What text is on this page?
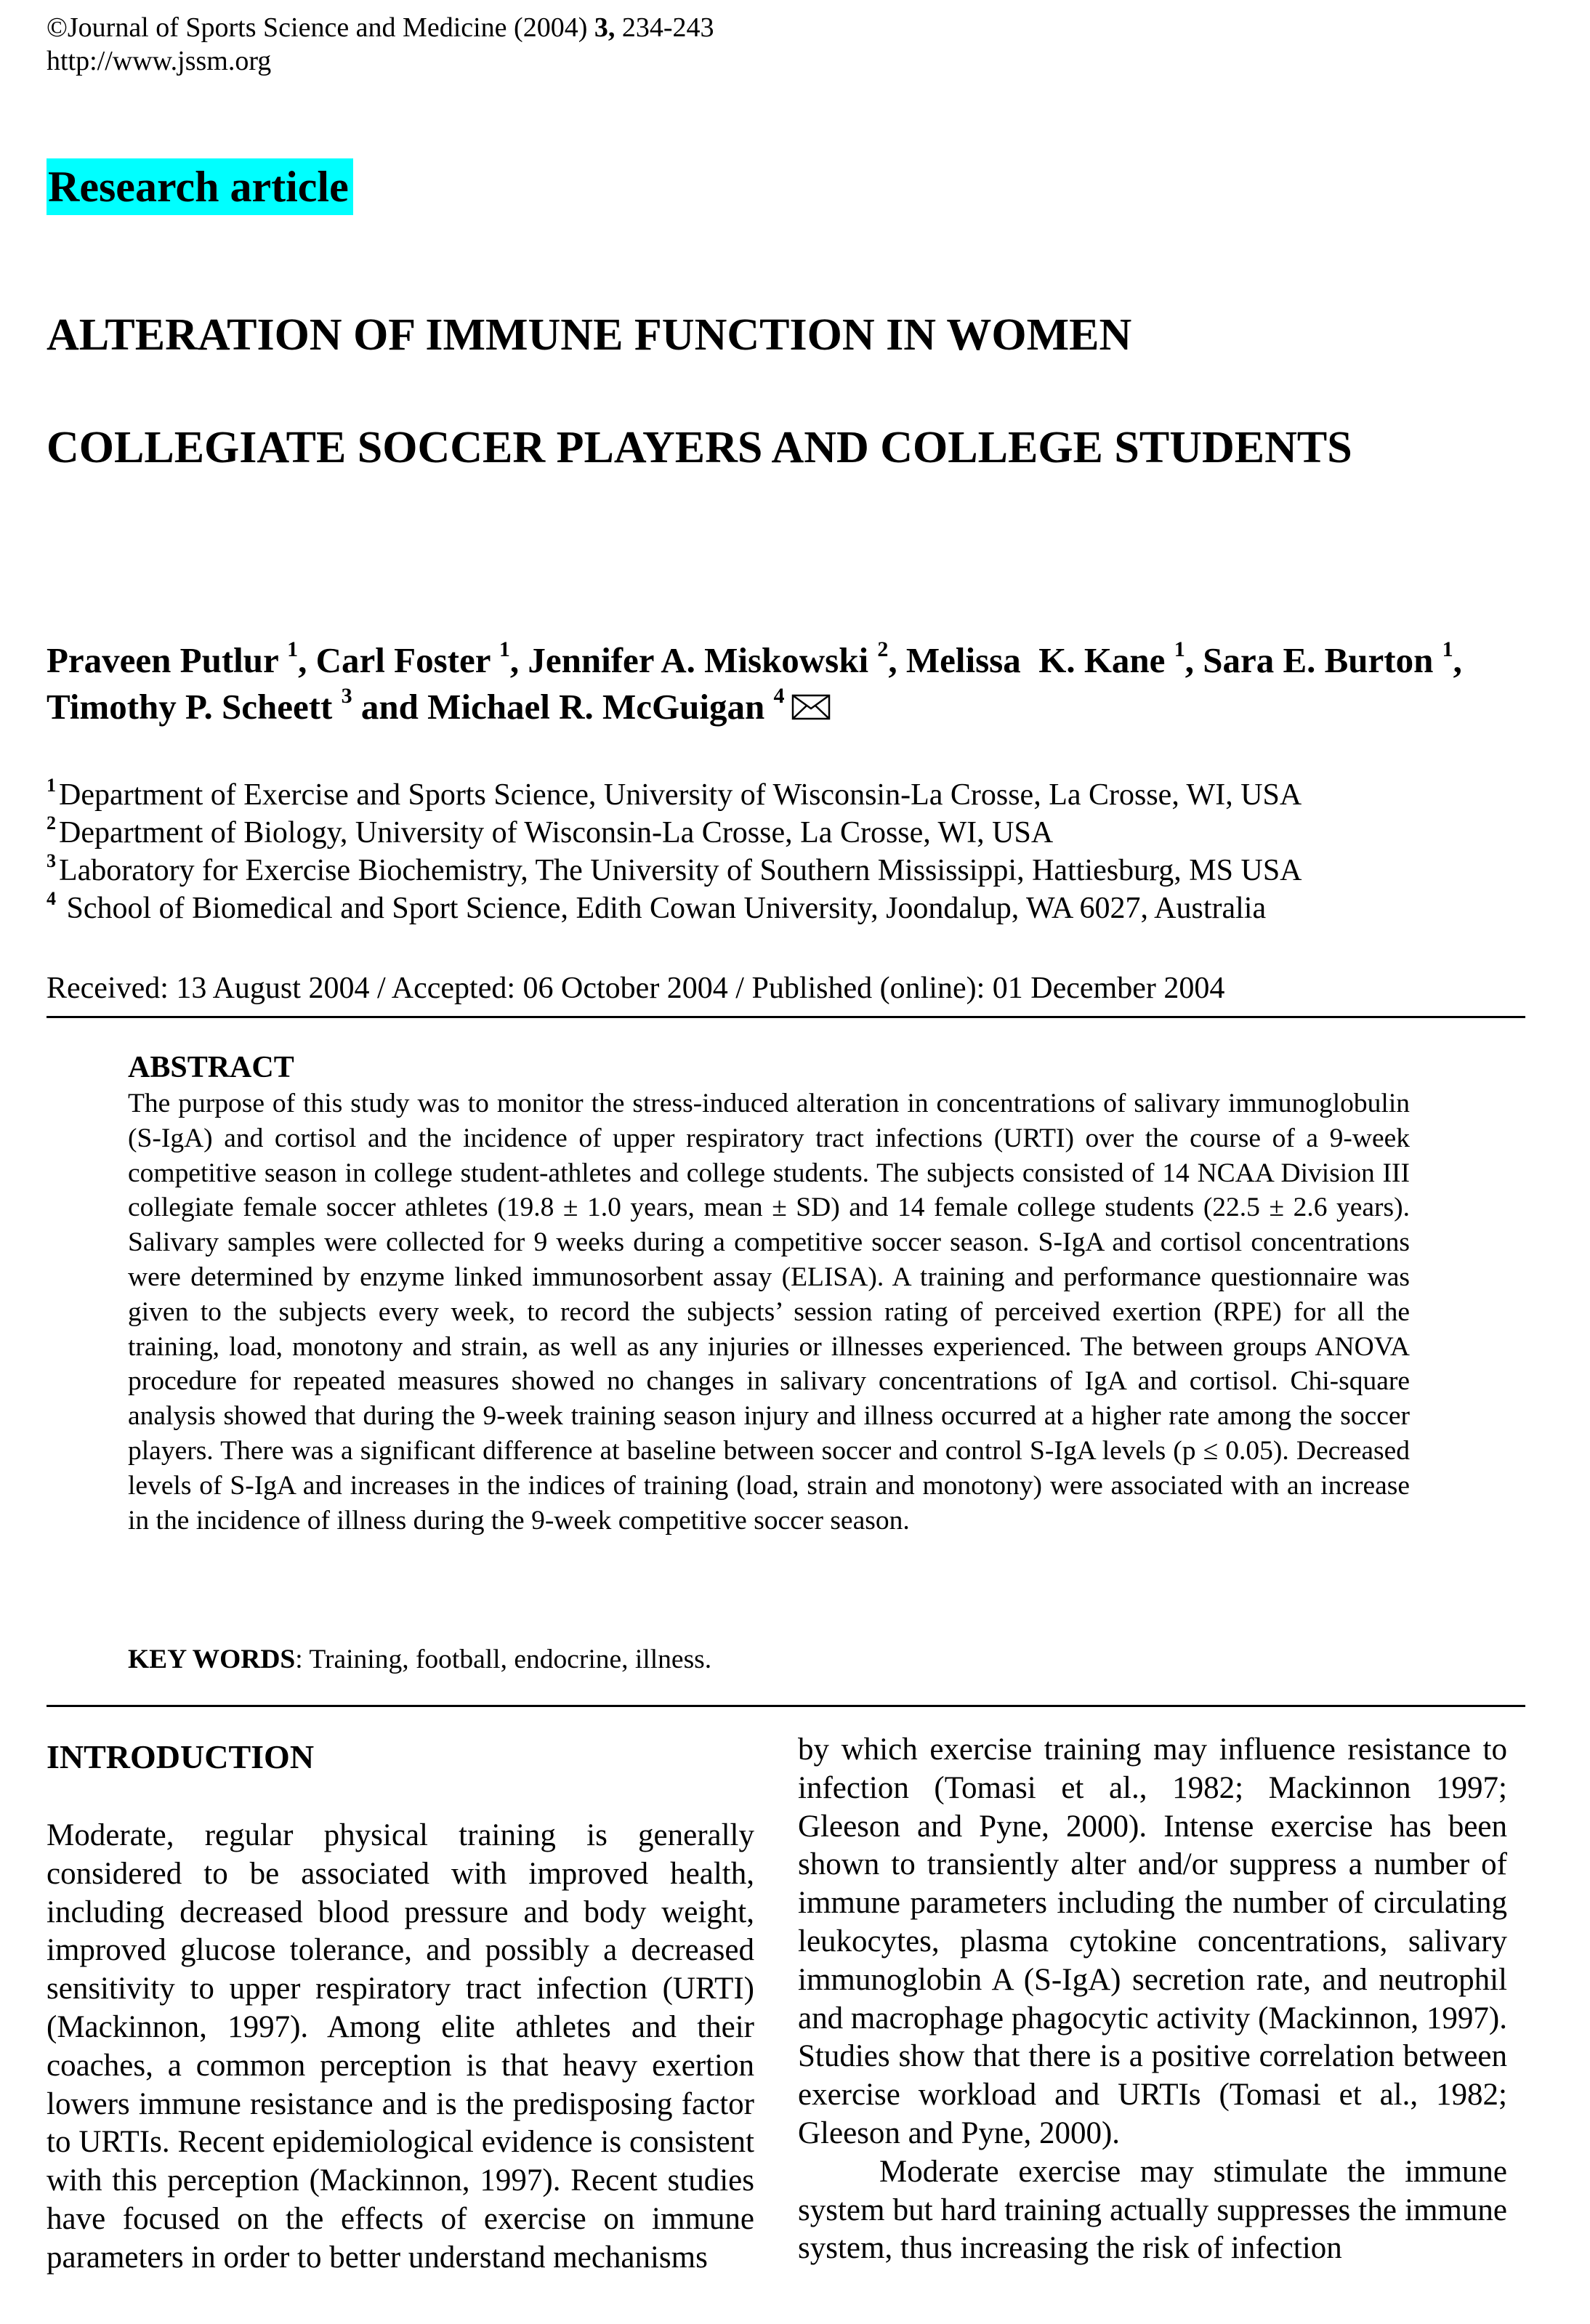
©Journal of Sports Science and Medicine (2004) 3, 234-243
http://www.jssm.org
Research article
ALTERATION OF IMMUNE FUNCTION IN WOMEN
COLLEGIATE SOCCER PLAYERS AND COLLEGE STUDENTS
Praveen Putlur $^1$, Carl Foster $^1$, Jennifer A. Miskowski $^2$, Melissa  K. Kane $^1$, Sara E. Burton $^1$, Timothy P. Scheett $^3$ and Michael R. McGuigan $^4$
$^1$Department of Exercise and Sports Science, University of Wisconsin-La Crosse, La Crosse, WI, USA
$^2$Department of Biology, University of Wisconsin-La Crosse, La Crosse, WI, USA
$^3$Laboratory for Exercise Biochemistry, The University of Southern Mississippi, Hattiesburg, MS USA
$^4$ School of Biomedical and Sport Science, Edith Cowan University, Joondalup, WA 6027, Australia
Received: 13 August 2004 / Accepted: 06 October 2004 / Published (online): 01 December 2004
ABSTRACT
The purpose of this study was to monitor the stress-induced alteration in concentrations of salivary immunoglobulin (S-IgA) and cortisol and the incidence of upper respiratory tract infections (URTI) over the course of a 9-week competitive season in college student-athletes and college students. The subjects consisted of 14 NCAA Division III collegiate female soccer athletes (19.8 ± 1.0 years, mean ± SD) and 14 female college students (22.5 ± 2.6 years). Salivary samples were collected for 9 weeks during a competitive soccer season. S-IgA and cortisol concentrations were determined by enzyme linked immunosorbent assay (ELISA). A training and performance questionnaire was given to the subjects every week, to record the subjects’ session rating of perceived exertion (RPE) for all the training, load, monotony and strain, as well as any injuries or illnesses experienced. The between groups ANOVA procedure for repeated measures showed no changes in salivary concentrations of IgA and cortisol. Chi-square analysis showed that during the 9-week training season injury and illness occurred at a higher rate among the soccer players. There was a significant difference at baseline between soccer and control S-IgA levels (p ≤ 0.05). Decreased levels of S-IgA and increases in the indices of training (load, strain and monotony) were associated with an increase in the incidence of illness during the 9-week competitive soccer season.
KEY WORDS: Training, football, endocrine, illness.
INTRODUCTION

Moderate, regular physical training is generally considered to be associated with improved health, including decreased blood pressure and body weight, improved glucose tolerance, and possibly a decreased sensitivity to upper respiratory tract infection (URTI) (Mackinnon, 1997). Among elite athletes and their coaches, a common perception is that heavy exertion lowers immune resistance and is the predisposing factor to URTIs. Recent epidemiological evidence is consistent with this perception (Mackinnon, 1997). Recent studies have focused on the effects of exercise on immune parameters in order to better understand mechanisms

by which exercise training may influence resistance to infection (Tomasi et al., 1982; Mackinnon 1997; Gleeson and Pyne, 2000). Intense exercise has been shown to transiently alter and/or suppress a number of immune parameters including the number of circulating leukocytes, plasma cytokine concentrations, salivary immunoglobin A (S-IgA) secretion rate, and neutrophil and macrophage phagocytic activity (Mackinnon, 1997). Studies show that there is a positive correlation between exercise workload and URTIs (Tomasi et al., 1982; Gleeson and Pyne, 2000).

Moderate exercise may stimulate the immune system but hard training actually suppresses the immune system, thus increasing the risk of infection
